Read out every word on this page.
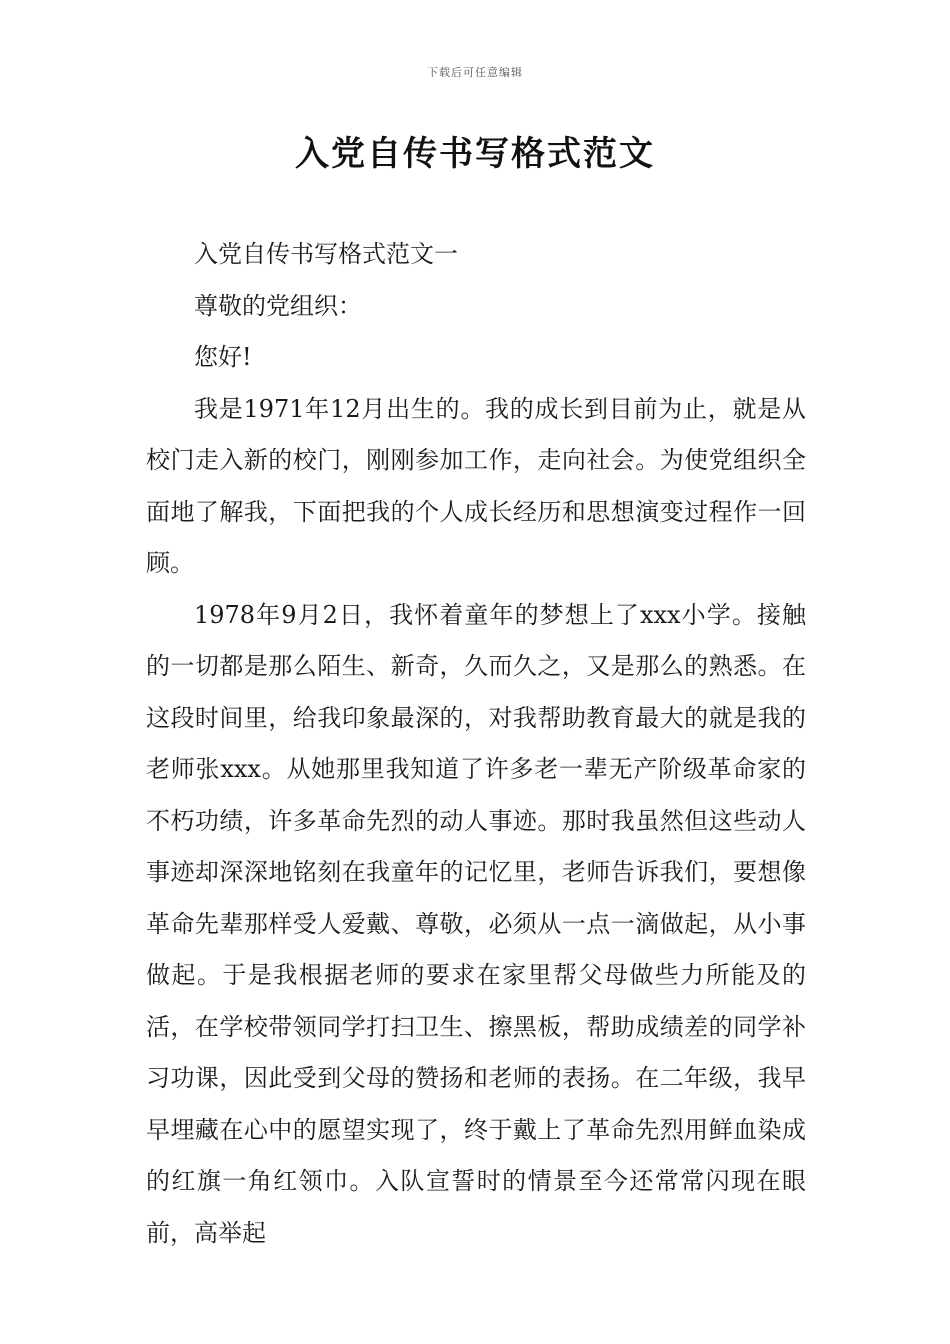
下载后可任意编辑
入党自传书写格式范文

入党自传书写格式范文一

尊敬的党组织：

您好!

我是1971年12月出生的。我的成长到目前为止，就是从校门走入新的校门，刚刚参加工作，走向社会。为使党组织全面地了解我，下面把我的个人成长经历和思想演变过程作一回顾。

1978年9月2日，我怀着童年的梦想上了xxx小学。接触的一切都是那么陌生、新奇，久而久之，又是那么的熟悉。在这段时间里，给我印象最深的，对我帮助教育最大的就是我的老师张xxx。从她那里我知道了许多老一辈无产阶级革命家的不朽功绩，许多革命先烈的动人事迹。那时我虽然但这些动人事迹却深深地铭刻在我童年的记忆里，老师告诉我们，要想像革命先辈那样受人爱戴、尊敬，必须从一点一滴做起，从小事做起。于是我根据老师的要求在家里帮父母做些力所能及的活，在学校带领同学打扫卫生、擦黑板，帮助成绩差的同学补习功课，因此受到父母的赞扬和老师的表扬。在二年级，我早早埋藏在心中的愿望实现了，终于戴上了革命先烈用鲜血染成的红旗一角红领巾。入队宣誓时的情景至今还常常闪现在眼前，高举起
